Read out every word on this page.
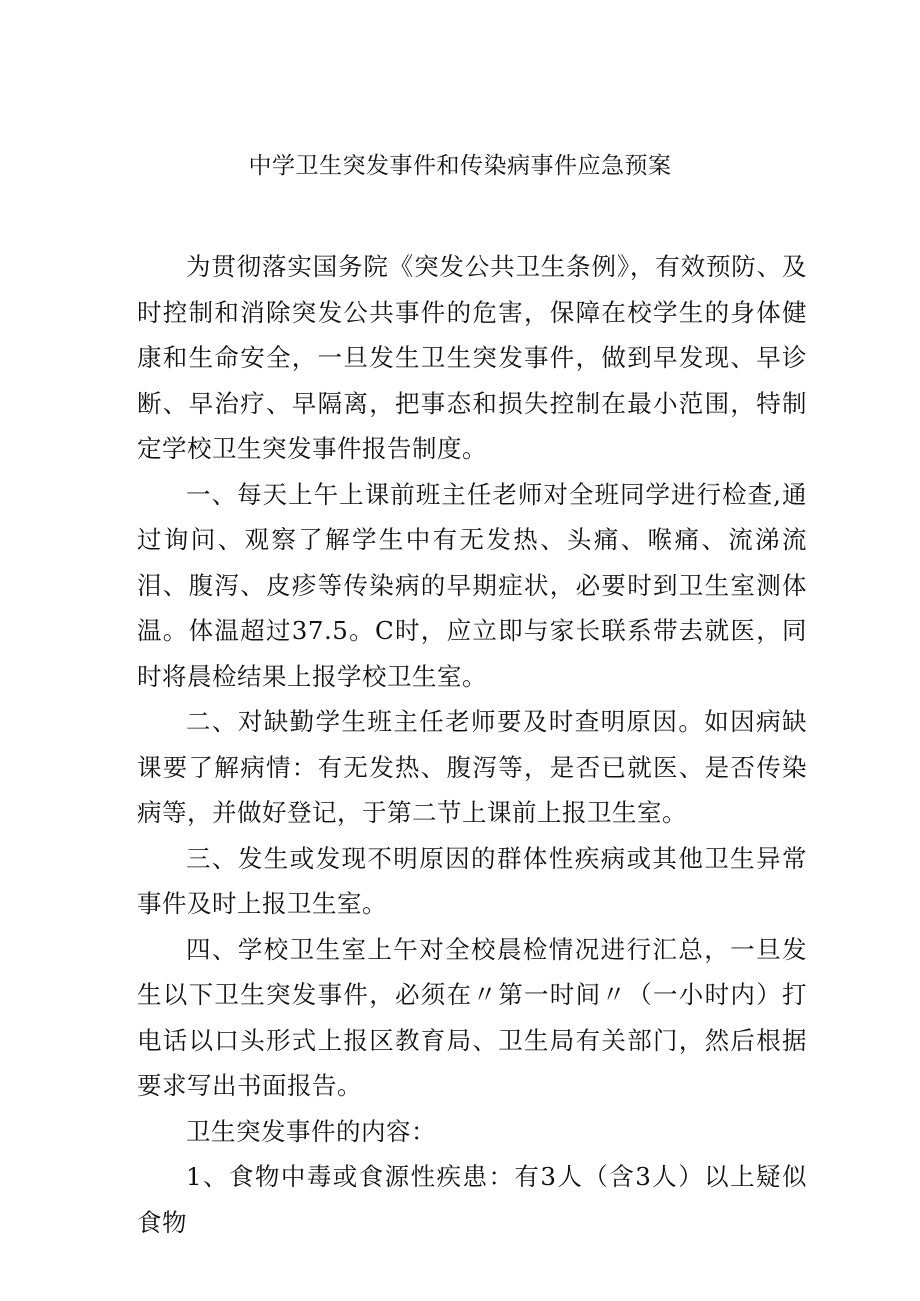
中学卫生突发事件和传染病事件应急预案

为贯彻落实国务院《突发公共卫生条例》，有效预防、及时控制和消除突发公共事件的危害，保障在校学生的身体健康和生命安全，一旦发生卫生突发事件，做到早发现、早诊断、早治疗、早隔离，把事态和损失控制在最小范围，特制定学校卫生突发事件报告制度。

一、每天上午上课前班主任老师对全班同学进行检查,通过询问、观察了解学生中有无发热、头痛、喉痛、流涕流泪、腹泻、皮疹等传染病的早期症状，必要时到卫生室测体温。体温超过37.5。C时，应立即与家长联系带去就医，同时将晨检结果上报学校卫生室。

二、对缺勤学生班主任老师要及时查明原因。如因病缺课要了解病情：有无发热、腹泻等，是否已就医、是否传染病等，并做好登记，于第二节上课前上报卫生室。

三、发生或发现不明原因的群体性疾病或其他卫生异常事件及时上报卫生室。

四、学校卫生室上午对全校晨检情况进行汇总，一旦发生以下卫生突发事件，必须在〃第一时间〃（一小时内）打电话以口头形式上报区教育局、卫生局有关部门，然后根据要求写出书面报告。

卫生突发事件的内容：

1、食物中毒或食源性疾患：有3人（含3人）以上疑似食物
